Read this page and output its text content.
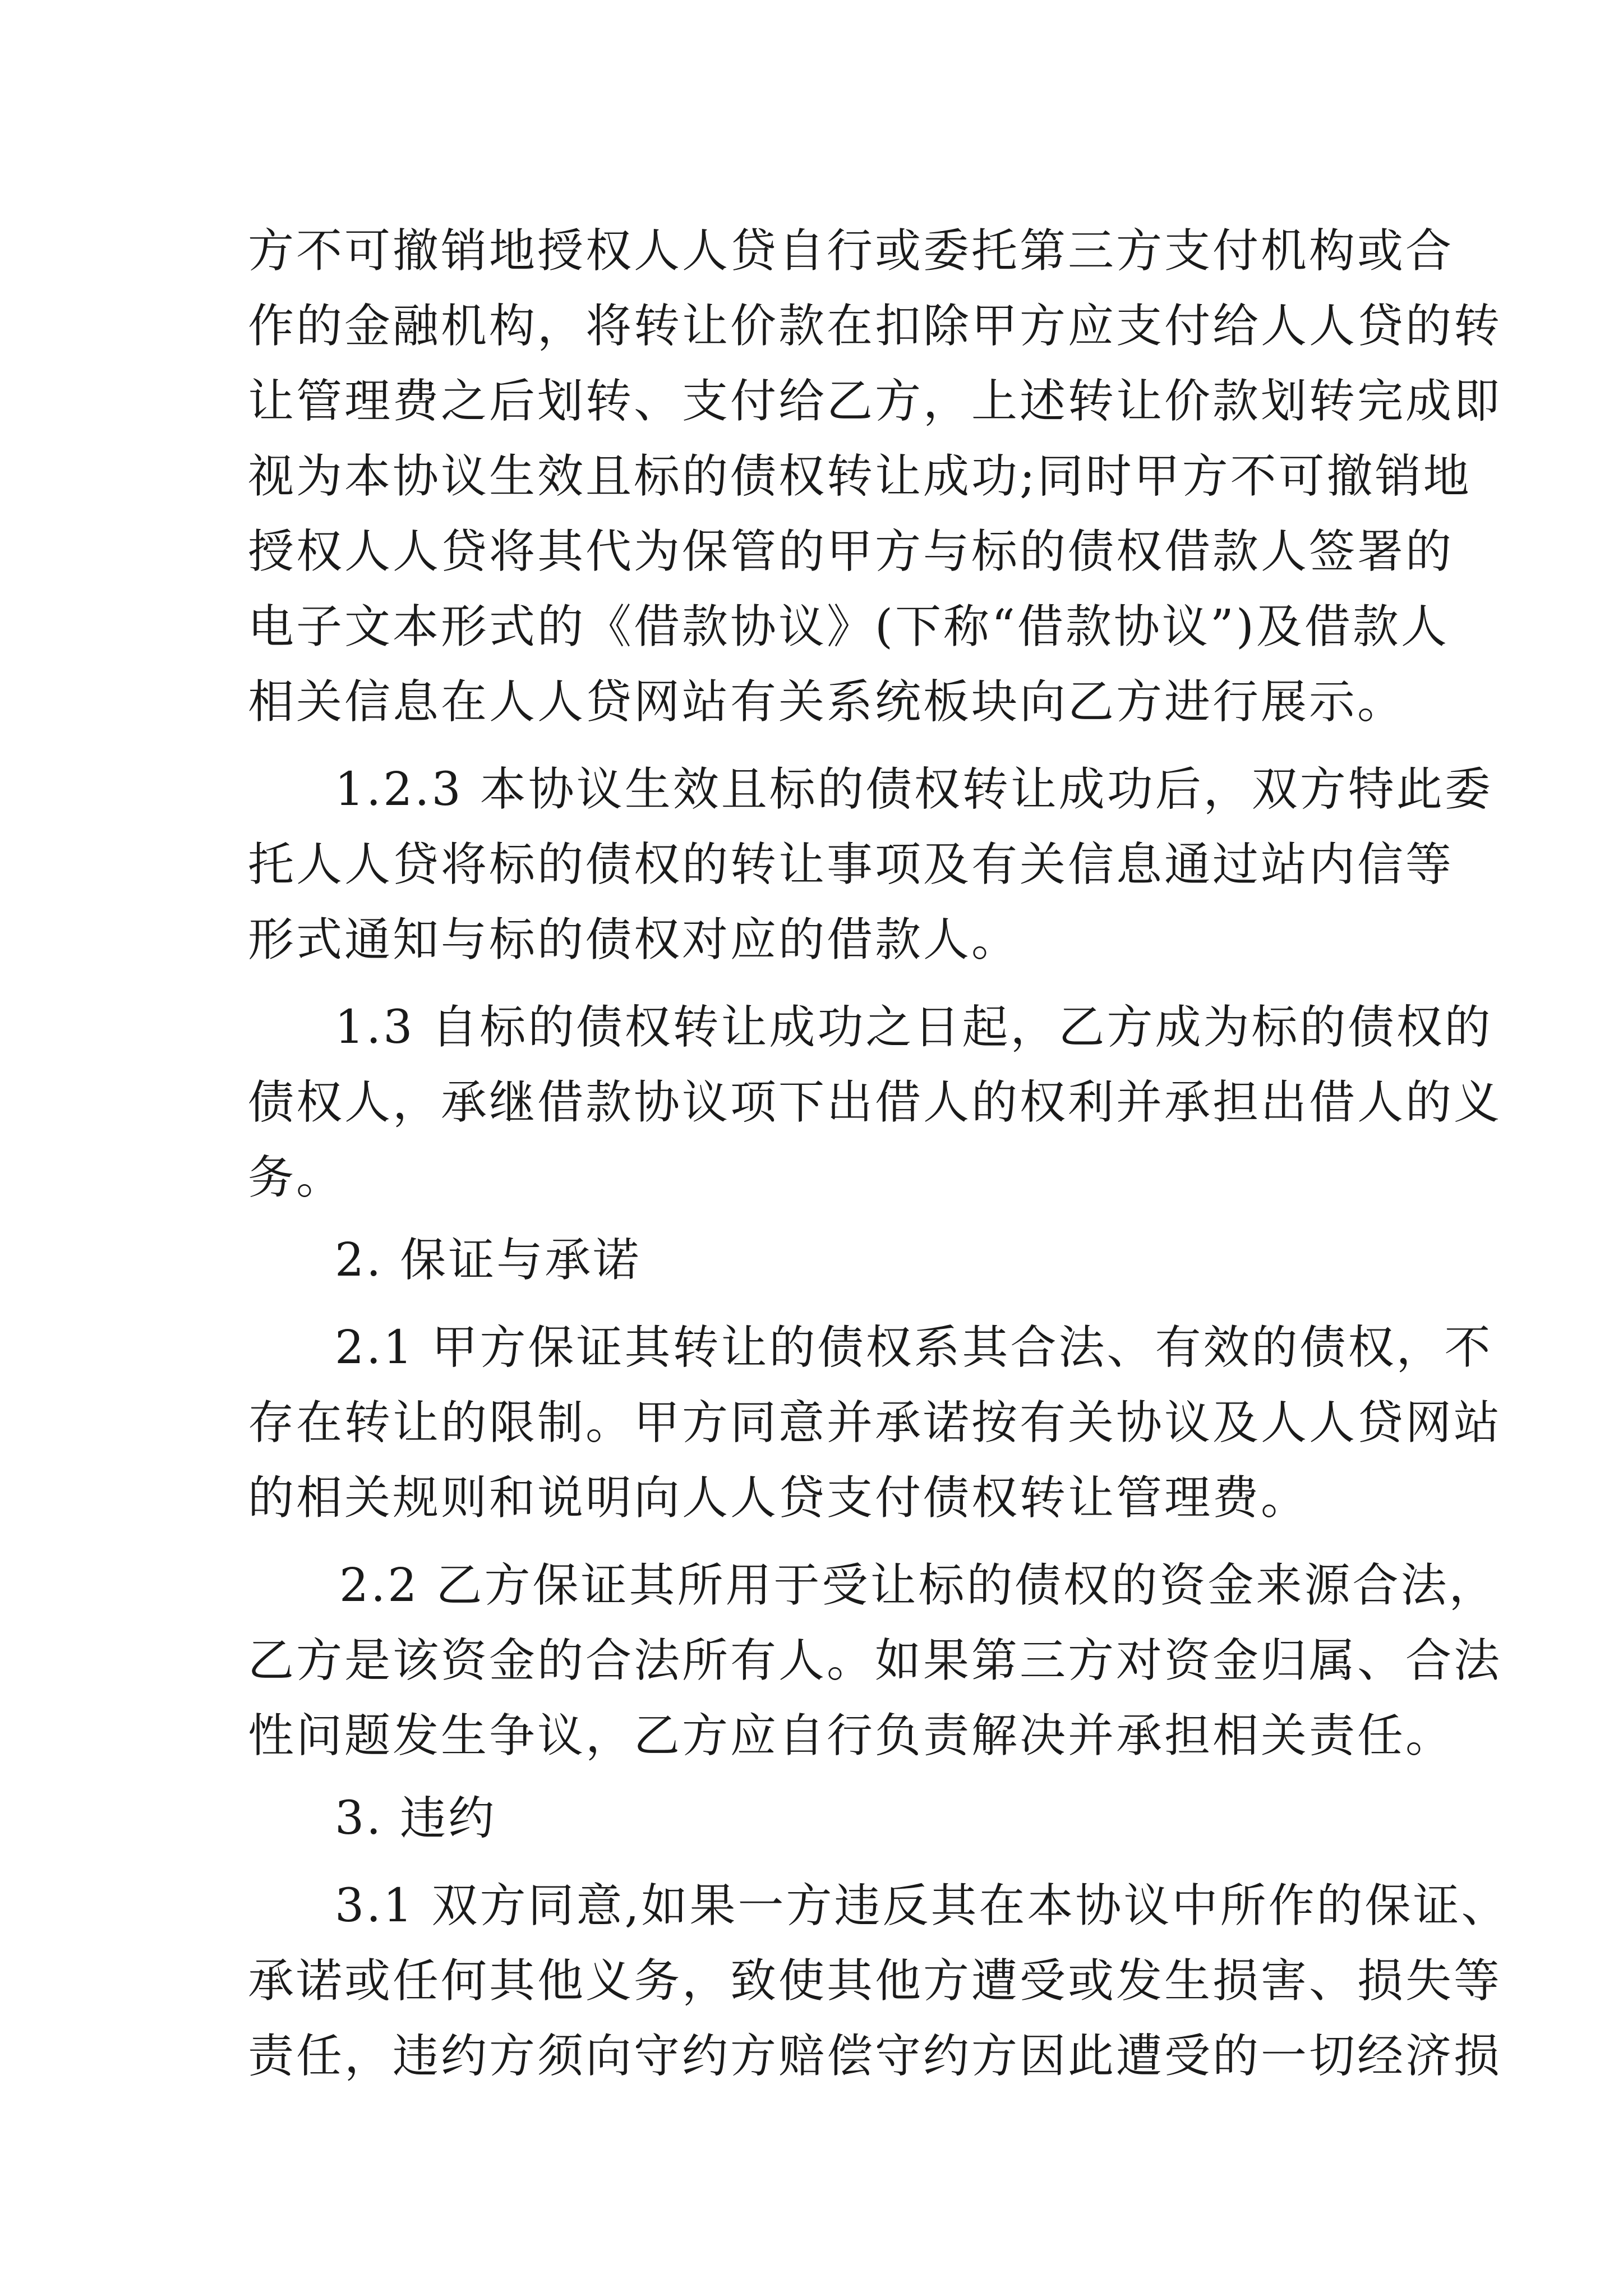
方不可撤销地授权人人贷自行或委托第三方支付机构或合
作的金融机构，将转让价款在扣除甲方应支付给人人贷的转
让管理费之后划转、支付给乙方，上述转让价款划转完成即
视为本协议生效且标的债权转让成功;同时甲方不可撤销地
授权人人贷将其代为保管的甲方与标的债权借款人签署的
电子文本形式的《借款协议》(下称“借款协议”)及借款人
相关信息在人人贷网站有关系统板块向乙方进行展示。
1.2.3 本协议生效且标的债权转让成功后，双方特此委
托人人贷将标的债权的转让事项及有关信息通过站内信等
形式通知与标的债权对应的借款人。
1.3 自标的债权转让成功之日起，乙方成为标的债权的
债权人，承继借款协议项下出借人的权利并承担出借人的义
务。
2. 保证与承诺
2.1 甲方保证其转让的债权系其合法、有效的债权，不
存在转让的限制。甲方同意并承诺按有关协议及人人贷网站
的相关规则和说明向人人贷支付债权转让管理费。
2.2 乙方保证其所用于受让标的债权的资金来源合法，
乙方是该资金的合法所有人。如果第三方对资金归属、合法
性问题发生争议，乙方应自行负责解决并承担相关责任。
3. 违约
3.1 双方同意,如果一方违反其在本协议中所作的保证、
承诺或任何其他义务，致使其他方遭受或发生损害、损失等
责任，违约方须向守约方赔偿守约方因此遭受的一切经济损
